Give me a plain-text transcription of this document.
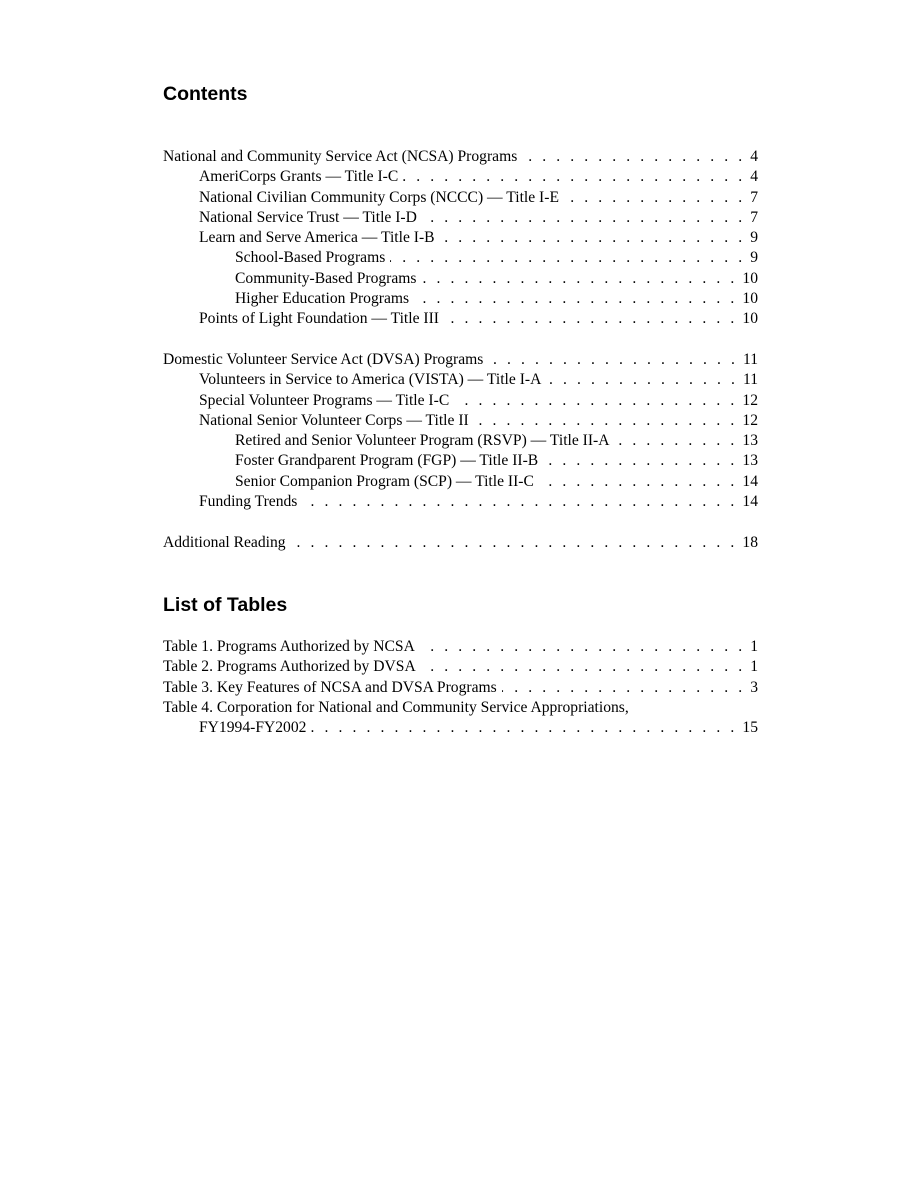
Contents
National and Community Service Act (NCSA) Programs . . .	4
AmeriCorps Grants — Title I-C . . .	4
National Civilian Community Corps (NCCC) — Title I-E . . .	7
National Service Trust — Title I-D . . .	7
Learn and Serve America — Title I-B . . .	9
School-Based Programs . . .	9
Community-Based Programs . . .	10
Higher Education Programs . . .	10
Points of Light Foundation — Title III . . .	10
Domestic Volunteer Service Act (DVSA) Programs . . .	11
Volunteers in Service to America (VISTA) — Title I-A . . .	11
Special Volunteer Programs — Title I-C . . .	12
National Senior Volunteer Corps — Title II . . .	12
Retired and Senior Volunteer Program (RSVP) — Title II-A . . .	13
Foster Grandparent Program (FGP) — Title II-B . . .	13
Senior Companion Program (SCP) — Title II-C . . .	14
Funding Trends . . .	14
Additional Reading . . .	18
List of Tables
Table 1. Programs Authorized by NCSA . . .	1
Table 2. Programs Authorized by DVSA . . .	1
Table 3. Key Features of NCSA and DVSA Programs . . .	3
Table 4. Corporation for National and Community Service Appropriations,
FY1994-FY2002 . . .	15
